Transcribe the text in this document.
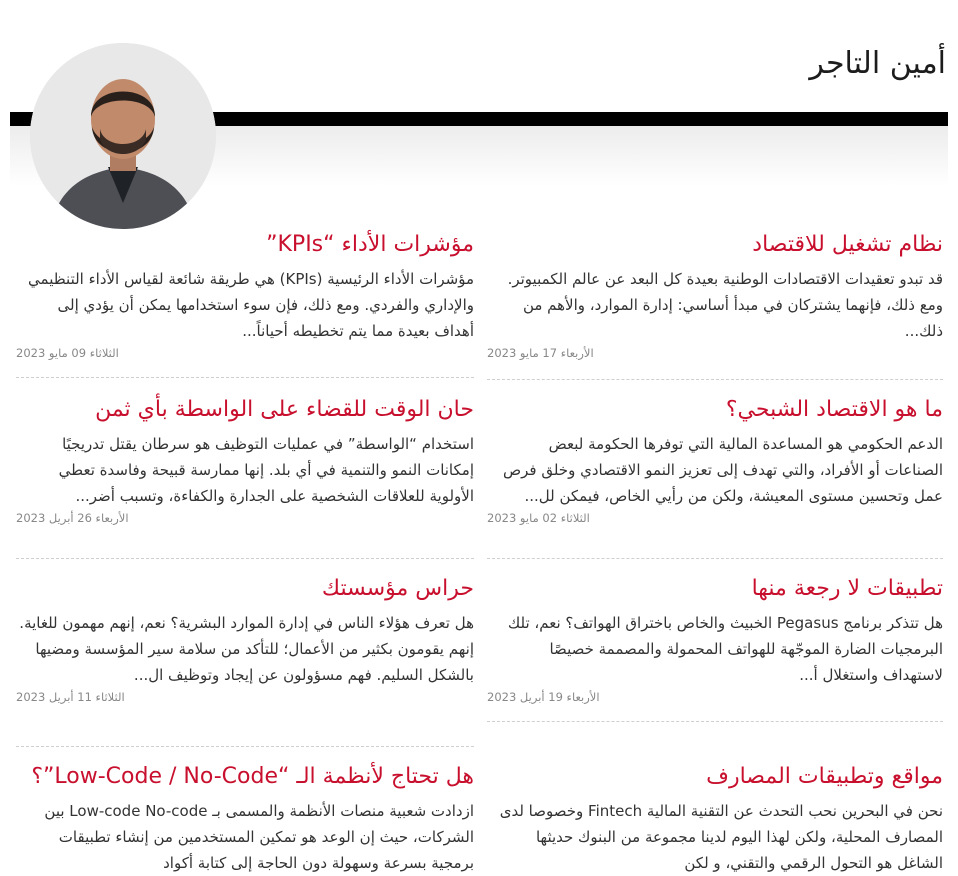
أمين التاجر
نظام تشغيل للاقتصاد

قد تبدو تعقيدات الاقتصادات الوطنية بعيدة كل البعد عن عالم الكمبيوتر. ومع ذلك، فإنهما يشتركان في مبدأ أساسي: إدارة الموارد، والأهم من ذلك...

الأربعاء 17 مايو 2023
مؤشرات الأداء “KPIs”

مؤشرات الأداء الرئيسية (KPIs) هي طريقة شائعة لقياس الأداء التنظيمي والإداري والفردي. ومع ذلك، فإن سوء استخدامها يمكن أن يؤدي إلى أهداف بعيدة مما يتم تخطيطه أحياناً...

الثلاثاء 09 مايو 2023
ما هو الاقتصاد الشبحي؟

الدعم الحكومي هو المساعدة المالية التي توفرها الحكومة لبعض الصناعات أو الأفراد، والتي تهدف إلى تعزيز النمو الاقتصادي وخلق فرص عمل وتحسين مستوى المعيشة، ولكن من رأيي الخاص، فيمكن لل...

الثلاثاء 02 مايو 2023
حان الوقت للقضاء على الواسطة بأي ثمن

استخدام “الواسطة” في عمليات التوظيف هو سرطان يقتل تدريجيًا إمكانات النمو والتنمية في أي بلد. إنها ممارسة قبيحة وفاسدة تعطي الأولوية للعلاقات الشخصية على الجدارة والكفاءة، وتسبب أضر...

الأربعاء 26 أبريل 2023
تطبيقات لا رجعة منها

هل تتذكر برنامج Pegasus الخبيث والخاص باختراق الهواتف؟ نعم، تلك البرمجيات الضارة الموجّهة للهواتف المحمولة والمصممة خصيصًا لاستهداف واستغلال أ...

الأربعاء 19 أبريل 2023
حراس مؤسستك

هل تعرف هؤلاء الناس في إدارة الموارد البشرية؟ نعم، إنهم مهمون للغاية. إنهم يقومون بكثير من الأعمال؛ للتأكد من سلامة سير المؤسسة ومضيها بالشكل السليم. فهم مسؤولون عن إيجاد وتوظيف ال...

الثلاثاء 11 أبريل 2023
مواقع وتطبيقات المصارف

نحن في البحرين نحب التحدث عن التقنية المالية Fintech وخصوصا لدى المصارف المحلية، ولكن لهذا اليوم لدينا مجموعة من البنوك حديثها الشاغل هو التحول الرقمي والتقني، و لكن

هل تحتاج لأنظمة الـ “Low-Code / No-Code”؟

ازدادت شعبية منصات الأنظمة والمسمى بـ Low-code No-code بين الشركات، حيث إن الوعد هو تمكين المستخدمين من إنشاء تطبيقات برمجية بسرعة وسهولة دون الحاجة إلى كتابة أكواد
